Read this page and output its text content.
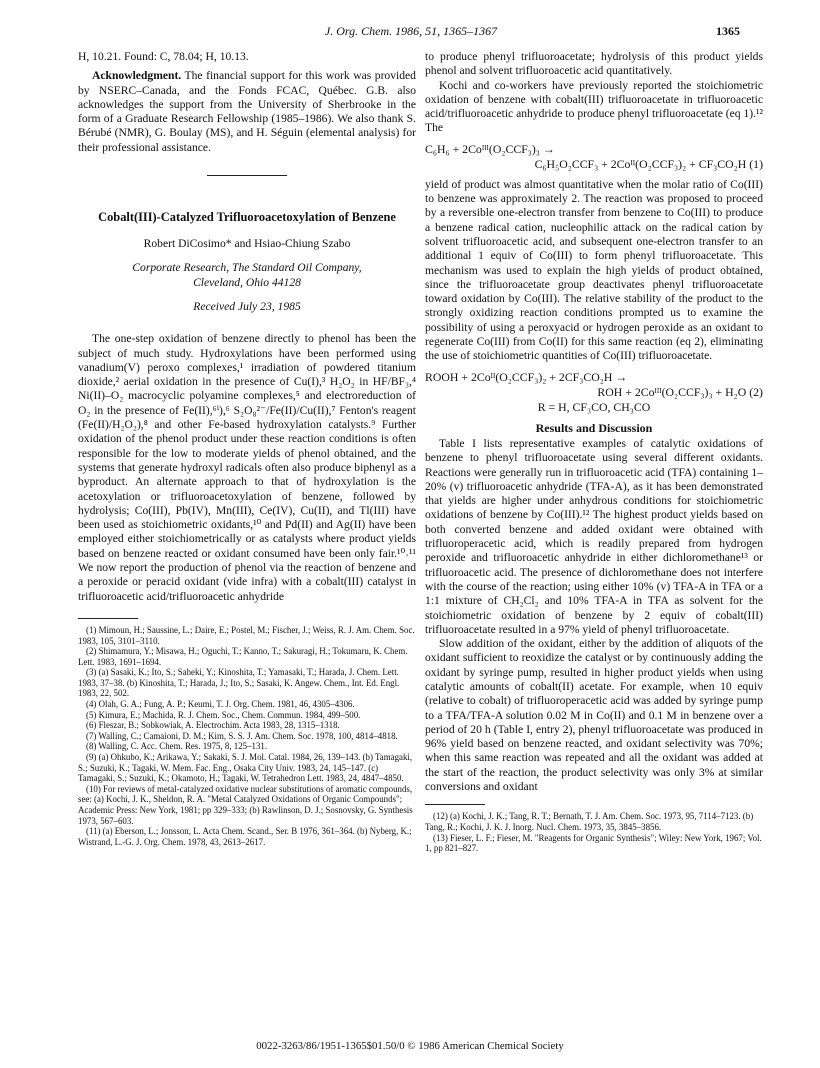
J. Org. Chem. 1986, 51, 1365–1367	1365

H, 10.21. Found: C, 78.04; H, 10.13.

Acknowledgment. The financial support for this work was provided by NSERC–Canada, and the Fonds FCAC, Québec. G.B. also acknowledges the support from the University of Sherbrooke in the form of a Graduate Research Fellowship (1985–1986). We also thank S. Bérubé (NMR), G. Boulay (MS), and H. Séguin (elemental analysis) for their professional assistance.

Cobalt(III)-Catalyzed Trifluoroacetoxylation of Benzene

Robert DiCosimo* and Hsiao-Chiung Szabo

Corporate Research, The Standard Oil Company,

Cleveland, Ohio 44128

Received July 23, 1985

The one-step oxidation of benzene directly to phenol has been the subject of much study. Hydroxylations have been performed using vanadium(V) peroxo complexes,¹ irradiation of powdered titanium dioxide,² aerial oxidation in the presence of Cu(I),³ H₂O₂ in HF/BF₃,⁴ Ni(II)–O₂ macrocyclic polyamine complexes,⁵ and electroreduction of O₂ in the presence of Fe(II),⁶ⁱ),⁶ S₂O₈²⁻/Fe(II)/Cu(II),⁷ Fenton's reagent (Fe(II)/H₂O₂),⁸ and other Fe-based hydroxylation catalysts.⁹ Further oxidation of the phenol product under these reaction conditions is often responsible for the low to moderate yields of phenol obtained, and the systems that generate hydroxyl radicals often also produce biphenyl as a byproduct. An alternate approach to that of hydroxylation is the acetoxylation or trifluoroacetoxylation of benzene, followed by hydrolysis; Co(III), Pb(IV), Mn(III), Ce(IV), Cu(II), and Tl(III) have been used as stoichiometric oxidants,¹⁰ and Pd(II) and Ag(II) have been employed either stoichiometrically or as catalysts where product yields based on benzene reacted or oxidant consumed have been only fair.¹⁰˒¹¹ We now report the production of phenol via the reaction of benzene and a peroxide or peracid oxidant (vide infra) with a cobalt(III) catalyst in trifluoroacetic acid/trifluoroacetic anhydride

(1) Mimoun, H.; Saussine, L.; Daire, E.; Postel, M.; Fischer, J.; Weiss, R. J. Am. Chem. Soc. 1983, 105, 3101–3110.

(2) Shimamura, Y.; Misawa, H.; Oguchi, T.; Kanno, T.; Sakuragi, H.; Tokumaru, K. Chem. Lett. 1983, 1691–1694.

(3) (a) Sasaki, K.; Ito, S.; Saheki, Y.; Kinoshita, T.; Yamasaki, T.; Harada, J. Chem. Lett. 1983, 37–38. (b) Kinoshita, T.; Harada, J.; Ito, S.; Sasaki, K. Angew. Chem., Int. Ed. Engl. 1983, 22, 502.

(4) Olah, G. A.; Fung, A. P.; Keumi, T. J. Org. Chem. 1981, 46, 4305–4306.

(5) Kimura, E.; Machida, R. J. Chem. Soc., Chem. Commun. 1984, 499–500.

(6) Fleszar, B.; Sobkowiak, A. Electrochim. Acta 1983, 28, 1315–1318.

(7) Walling, C.; Camaioni, D. M.; Kim, S. S. J. Am. Chem. Soc. 1978, 100, 4814–4818.

(8) Walling, C. Acc. Chem. Res. 1975, 8, 125–131.

(9) (a) Ohkubo, K.; Arikawa, Y.; Sakaki, S. J. Mol. Catal. 1984, 26, 139–143. (b) Tamagaki, S.; Suzuki, K.; Tagaki, W. Mem. Fac. Eng., Osaka City Univ. 1983, 24, 145–147. (c) Tamagaki, S.; Suzuki, K.; Okamoto, H.; Tagaki, W. Tetrahedron Lett. 1983, 24, 4847–4850.

(10) For reviews of metal-catalyzed oxidative nuclear substitutions of aromatic compounds, see: (a) Kochi, J. K., Sheldon, R. A. "Metal Catalyzed Oxidations of Organic Compounds"; Academic Press: New York, 1981; pp 329–333; (b) Rawlinson, D. J.; Sosnovsky, G. Synthesis 1973, 567–603.

(11) (a) Eberson, L.; Jonsson, L. Acta Chem. Scand., Ser. B 1976, 361–364. (b) Nyberg, K.; Wistrand, L.-G. J. Org. Chem. 1978, 43, 2613–2617.

to produce phenyl trifluoroacetate; hydrolysis of this product yields phenol and solvent trifluoroacetic acid quantitatively.

Kochi and co-workers have previously reported the stoichiometric oxidation of benzene with cobalt(III) trifluoroacetate in trifluoroacetic acid/trifluoroacetic anhydride to produce phenyl trifluoroacetate (eq 1).¹² The

C₆H₆ + 2Coᴵᴵᴵ(O₂CCF₃)₃ →

C₆H₅O₂CCF₃ + 2Coᴵᴵ(O₂CCF₃)₂ + CF₃CO₂H (1)

yield of product was almost quantitative when the molar ratio of Co(III) to benzene was approximately 2. The reaction was proposed to proceed by a reversible one-electron transfer from benzene to Co(III) to produce a benzene radical cation, nucleophilic attack on the radical cation by solvent trifluoroacetic acid, and subsequent one-electron transfer to an additional 1 equiv of Co(III) to form phenyl trifluoroacetate. This mechanism was used to explain the high yields of product obtained, since the trifluoroacetate group deactivates phenyl trifluoroacetate toward oxidation by Co(III). The relative stability of the product to the strongly oxidizing reaction conditions prompted us to examine the possibility of using a peroxyacid or hydrogen peroxide as an oxidant to regenerate Co(III) from Co(II) for this same reaction (eq 2), eliminating the use of stoichiometric quantities of Co(III) trifluoroacetate.

ROOH + 2Coᴵᴵ(O₂CCF₃)₂ + 2CF₃CO₂H →

ROH + 2Coᴵᴵᴵ(O₂CCF₃)₃ + H₂O (2)

R = H, CF₃CO, CH₃CO

Results and Discussion

Table I lists representative examples of catalytic oxidations of benzene to phenyl trifluoroacetate using several different oxidants. Reactions were generally run in trifluoroacetic acid (TFA) containing 1–20% (v) trifluoroacetic anhydride (TFA-A), as it has been demonstrated that yields are higher under anhydrous conditions for stoichiometric oxidations of benzene by Co(III).¹² The highest product yields based on both converted benzene and added oxidant were obtained with trifluoroperacetic acid, which is readily prepared from hydrogen peroxide and trifluoroacetic anhydride in either dichloromethane¹³ or trifluoroacetic acid. The presence of dichloromethane does not interfere with the course of the reaction; using either 10% (v) TFA-A in TFA or a 1:1 mixture of CH₂Cl₂ and 10% TFA-A in TFA as solvent for the stoichiometric oxidation of benzene by 2 equiv of cobalt(III) trifluoroacetate resulted in a 97% yield of phenyl trifluoroacetate.

Slow addition of the oxidant, either by the addition of aliquots of the oxidant sufficient to reoxidize the catalyst or by continuously adding the oxidant by syringe pump, resulted in higher product yields when using catalytic amounts of cobalt(II) acetate. For example, when 10 equiv (relative to cobalt) of trifluoroperacetic acid was added by syringe pump to a TFA/TFA-A solution 0.02 M in Co(II) and 0.1 M in benzene over a period of 20 h (Table I, entry 2), phenyl trifluoroacetate was produced in 96% yield based on benzene reacted, and oxidant selectivity was 70%; when this same reaction was repeated and all the oxidant was added at the start of the reaction, the product selectivity was only 3% at similar conversions and oxidant

(12) (a) Kochi, J. K.; Tang, R. T.; Bernath, T. J. Am. Chem. Soc. 1973, 95, 7114–7123. (b) Tang, R.; Kochi, J. K. J. Inorg. Nucl. Chem. 1973, 35, 3845–3856.

(13) Fieser, L. F.; Fieser, M. "Reagents for Organic Synthesis"; Wiley: New York, 1967; Vol. 1, pp 821–827.

0022-3263/86/1951-1365$01.50/0 © 1986 American Chemical Society
